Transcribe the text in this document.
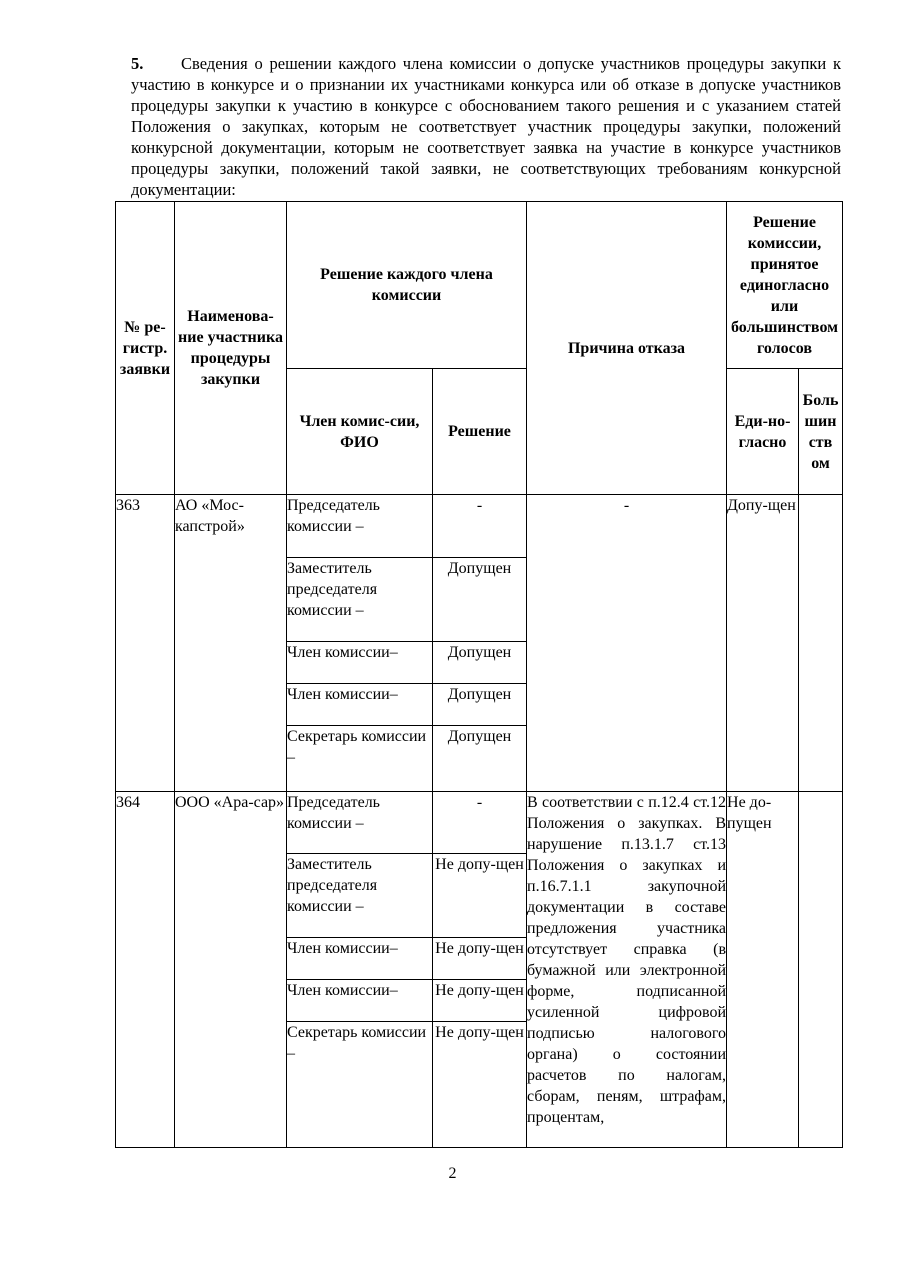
5. Сведения о решении каждого члена комиссии о допуске участников процедуры закупки к участию в конкурсе и о признании их участниками конкурса или об отказе в допуске участников процедуры закупки к участию в конкурсе с обоснованием такого решения и с указанием статей Положения о закупках, которым не соответствует участник процедуры закупки, положений конкурсной документации, которым не соответствует заявка на участие в конкурсе участников процедуры закупки, положений такой заявки, не соответствующих требованиям конкурсной документации:
№ ре-гистр. заявки	Наименова-ние участника процедуры закупки	Решение каждого члена комиссии		Причина отказа	Решение комиссии, принятое единогласно или большинством голосов	
		Член комис-сии, ФИО	Решение		Еди-но-гласно	Боль шин ств ом
363	АО «Мос-капстрой»	Председатель комиссии –	-	-	Допу-щен	
		Заместитель председателя комиссии –	Допущен			
		Член комиссии–	Допущен			
		Член комиссии–	Допущен			
		Секретарь комиссии –	Допущен			
364	ООО «Ара-сар»	Председатель комиссии –	-	В соответствии с п.12.4 ст.12 Положения о закупках. В нарушение п.13.1.7 ст.13 Положения о закупках и п.16.7.1.1 закупочной документации в составе предложения участника отсутствует справка (в бумажной или электронной форме, подписанной усиленной цифровой подписью налогового органа) о состоянии расчетов по налогам, сборам, пеням, штрафам, процентам,	Не до-пущен	
		Заместитель председателя комиссии –	Не допу-щен			
		Член комиссии–	Не допу-щен			
		Член комиссии–	Не допу-щен			
		Секретарь комиссии –	Не допу-щен			
2
